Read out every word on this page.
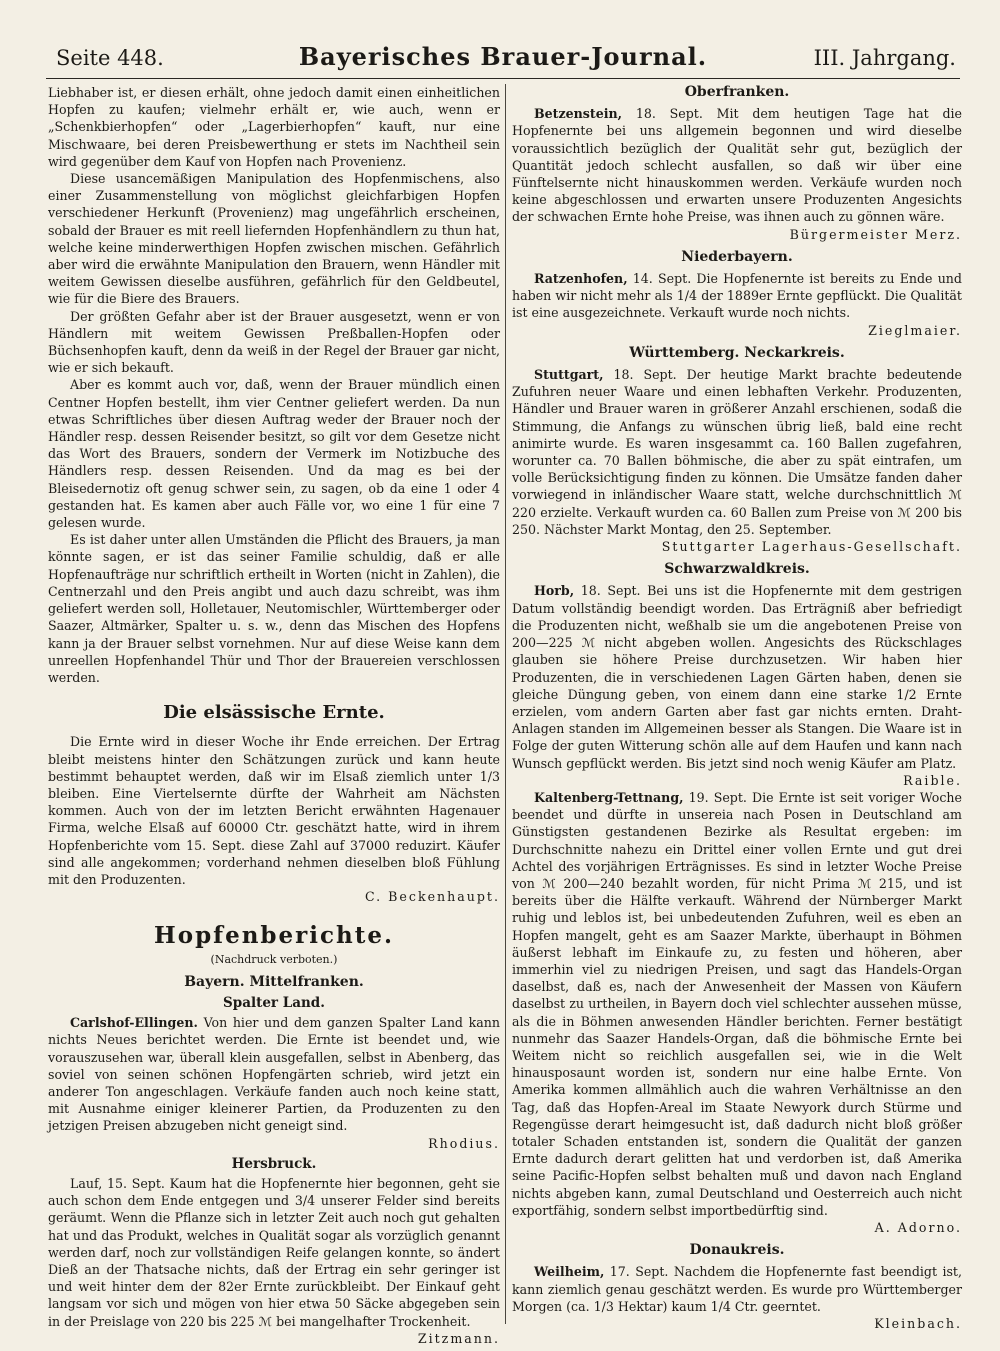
Seite 448.	Bayerisches Brauer-Journal.	III. Jahrgang.

Liebhaber ist, er diesen erhält, ohne jedoch damit einen einheitlichen Hopfen zu kaufen; vielmehr erhält er, wie auch, wenn er „Schenkbierhopfen“ oder „Lagerbierhopfen“ kauft, nur eine Mischwaare, bei deren Preisbewerthung er stets im Nachtheil sein wird gegenüber dem Kauf von Hopfen nach Provenienz.

Diese usancemäßigen Manipulation des Hopfenmischens, also einer Zusammenstellung von möglichst gleichfarbigen Hopfen verschiedener Herkunft (Provenienz) mag ungefährlich erscheinen, sobald der Brauer es mit reell liefernden Hopfenhändlern zu thun hat, welche keine minderwerthigen Hopfen zwischen mischen. Gefährlich aber wird die erwähnte Manipulation den Brauern, wenn Händler mit weitem Gewissen dieselbe ausführen, gefährlich für den Geldbeutel, wie für die Biere des Brauers.

Der größten Gefahr aber ist der Brauer ausgesetzt, wenn er von Händlern mit weitem Gewissen Preßballen-Hopfen oder Büchsenhopfen kauft, denn da weiß in der Regel der Brauer gar nicht, wie er sich bekauft.

Aber es kommt auch vor, daß, wenn der Brauer mündlich einen Centner Hopfen bestellt, ihm vier Centner geliefert werden. Da nun etwas Schriftliches über diesen Auftrag weder der Brauer noch der Händler resp. dessen Reisender besitzt, so gilt vor dem Gesetze nicht das Wort des Brauers, sondern der Vermerk im Notizbuche des Händlers resp. dessen Reisenden. Und da mag es bei der Bleisedernotiz oft genug schwer sein, zu sagen, ob da eine 1 oder 4 gestanden hat. Es kamen aber auch Fälle vor, wo eine 1 für eine 7 gelesen wurde.

Es ist daher unter allen Umständen die Pflicht des Brauers, ja man könnte sagen, er ist das seiner Familie schuldig, daß er alle Hopfenaufträge nur schriftlich ertheilt in Worten (nicht in Zahlen), die Centnerzahl und den Preis angibt und auch dazu schreibt, was ihm geliefert werden soll, Holletauer, Neutomischler, Württemberger oder Saazer, Altmärker, Spalter u. s. w., denn das Mischen des Hopfens kann ja der Brauer selbst vornehmen. Nur auf diese Weise kann dem unreellen Hopfenhandel Thür und Thor der Brauereien verschlossen werden.

Die elsässische Ernte.

Die Ernte wird in dieser Woche ihr Ende erreichen. Der Ertrag bleibt meistens hinter den Schätzungen zurück und kann heute bestimmt behauptet werden, daß wir im Elsaß ziemlich unter 1/3 bleiben. Eine Viertelsernte dürfte der Wahrheit am Nächsten kommen. Auch von der im letzten Bericht erwähnten Hagenauer Firma, welche Elsaß auf 60000 Ctr. geschätzt hatte, wird in ihrem Hopfenberichte vom 15. Sept. diese Zahl auf 37000 reduzirt. Käufer sind alle angekommen; vorderhand nehmen dieselben bloß Fühlung mit den Produzenten.

C. Beckenhaupt.

Hopfenberichte.
(Nachdruck verboten.)
Bayern. Mittelfranken.
Spalter Land.

Carlshof-Ellingen. Von hier und dem ganzen Spalter Land kann nichts Neues berichtet werden. Die Ernte ist beendet und, wie vorauszusehen war, überall klein ausgefallen, selbst in Abenberg, das soviel von seinen schönen Hopfengärten schrieb, wird jetzt ein anderer Ton angeschlagen. Verkäufe fanden auch noch keine statt, mit Ausnahme einiger kleinerer Partien, da Produzenten zu den jetzigen Preisen abzugeben nicht geneigt sind.

Rhodius.

Hersbruck.

Lauf, 15. Sept. Kaum hat die Hopfenernte hier begonnen, geht sie auch schon dem Ende entgegen und 3/4 unserer Felder sind bereits geräumt. Wenn die Pflanze sich in letzter Zeit auch noch gut gehalten hat und das Produkt, welches in Qualität sogar als vorzüglich genannt werden darf, noch zur vollständigen Reife gelangen konnte, so ändert Dieß an der Thatsache nichts, daß der Ertrag ein sehr geringer ist und weit hinter dem der 82er Ernte zurückbleibt. Der Einkauf geht langsam vor sich und mögen von hier etwa 50 Säcke abgegeben sein in der Preislage von 220 bis 225 ℳ bei mangelhafter Trockenheit.

Zitzmann.

Oberfranken.

Betzenstein, 18. Sept. Mit dem heutigen Tage hat die Hopfenernte bei uns allgemein begonnen und wird dieselbe voraussichtlich bezüglich der Qualität sehr gut, bezüglich der Quantität jedoch schlecht ausfallen, so daß wir über eine Fünftelsernte nicht hinauskommen werden. Verkäufe wurden noch keine abgeschlossen und erwarten unsere Produzenten Angesichts der schwachen Ernte hohe Preise, was ihnen auch zu gönnen wäre.

Bürgermeister Merz.

Niederbayern.

Ratzenhofen, 14. Sept. Die Hopfenernte ist bereits zu Ende und haben wir nicht mehr als 1/4 der 1889er Ernte gepflückt. Die Qualität ist eine ausgezeichnete. Verkauft wurde noch nichts.

Zieglmaier.

Württemberg. Neckarkreis.

Stuttgart, 18. Sept. Der heutige Markt brachte bedeutende Zufuhren neuer Waare und einen lebhaften Verkehr. Produzenten, Händler und Brauer waren in größerer Anzahl erschienen, sodaß die Stimmung, die Anfangs zu wünschen übrig ließ, bald eine recht animirte wurde. Es waren insgesammt ca. 160 Ballen zugefahren, worunter ca. 70 Ballen böhmische, die aber zu spät eintrafen, um volle Berücksichtigung finden zu können. Die Umsätze fanden daher vorwiegend in inländischer Waare statt, welche durchschnittlich ℳ 220 erzielte. Verkauft wurden ca. 60 Ballen zum Preise von ℳ 200 bis 250. Nächster Markt Montag, den 25. September.

Stuttgarter Lagerhaus-Gesellschaft.

Schwarzwaldkreis.

Horb, 18. Sept. Bei uns ist die Hopfenernte mit dem gestrigen Datum vollständig beendigt worden. Das Erträgniß aber befriedigt die Produzenten nicht, weßhalb sie um die angebotenen Preise von 200—225 ℳ nicht abgeben wollen. Angesichts des Rückschlages glauben sie höhere Preise durchzusetzen. Wir haben hier Produzenten, die in verschiedenen Lagen Gärten haben, denen sie gleiche Düngung geben, von einem dann eine starke 1/2 Ernte erzielen, vom andern Garten aber fast gar nichts ernten. Draht-Anlagen standen im Allgemeinen besser als Stangen. Die Waare ist in Folge der guten Witterung schön alle auf dem Haufen und kann nach Wunsch gepflückt werden. Bis jetzt sind noch wenig Käufer am Platz.

Raible.

Kaltenberg-Tettnang, 19. Sept. Die Ernte ist seit voriger Woche beendet und dürfte in unsereia nach Posen in Deutschland am Günstigsten gestandenen Bezirke als Resultat ergeben: im Durchschnitte nahezu ein Drittel einer vollen Ernte und gut drei Achtel des vorjährigen Erträgnisses. Es sind in letzter Woche Preise von ℳ 200—240 bezahlt worden, für nicht Prima ℳ 215, und ist bereits über die Hälfte verkauft. Während der Nürnberger Markt ruhig und leblos ist, bei unbedeutenden Zufuhren, weil es eben an Hopfen mangelt, geht es am Saazer Markte, überhaupt in Böhmen äußerst lebhaft im Einkaufe zu, zu festen und höheren, aber immerhin viel zu niedrigen Preisen, und sagt das Handels-Organ daselbst, daß es, nach der Anwesenheit der Massen von Käufern daselbst zu urtheilen, in Bayern doch viel schlechter aussehen müsse, als die in Böhmen anwesenden Händler berichten. Ferner bestätigt nunmehr das Saazer Handels-Organ, daß die böhmische Ernte bei Weitem nicht so reichlich ausgefallen sei, wie in die Welt hinausposaunt worden ist, sondern nur eine halbe Ernte. Von Amerika kommen allmählich auch die wahren Verhältnisse an den Tag, daß das Hopfen-Areal im Staate Newyork durch Stürme und Regengüsse derart heimgesucht ist, daß dadurch nicht bloß größer totaler Schaden entstanden ist, sondern die Qualität der ganzen Ernte dadurch derart gelitten hat und verdorben ist, daß Amerika seine Pacific-Hopfen selbst behalten muß und davon nach England nichts abgeben kann, zumal Deutschland und Oesterreich auch nicht exportfähig, sondern selbst importbedürftig sind.

A. Adorno.

Donaukreis.

Weilheim, 17. Sept. Nachdem die Hopfenernte fast beendigt ist, kann ziemlich genau geschätzt werden. Es wurde pro Württemberger Morgen (ca. 1/3 Hektar) kaum 1/4 Ctr. geerntet.

Kleinbach.
